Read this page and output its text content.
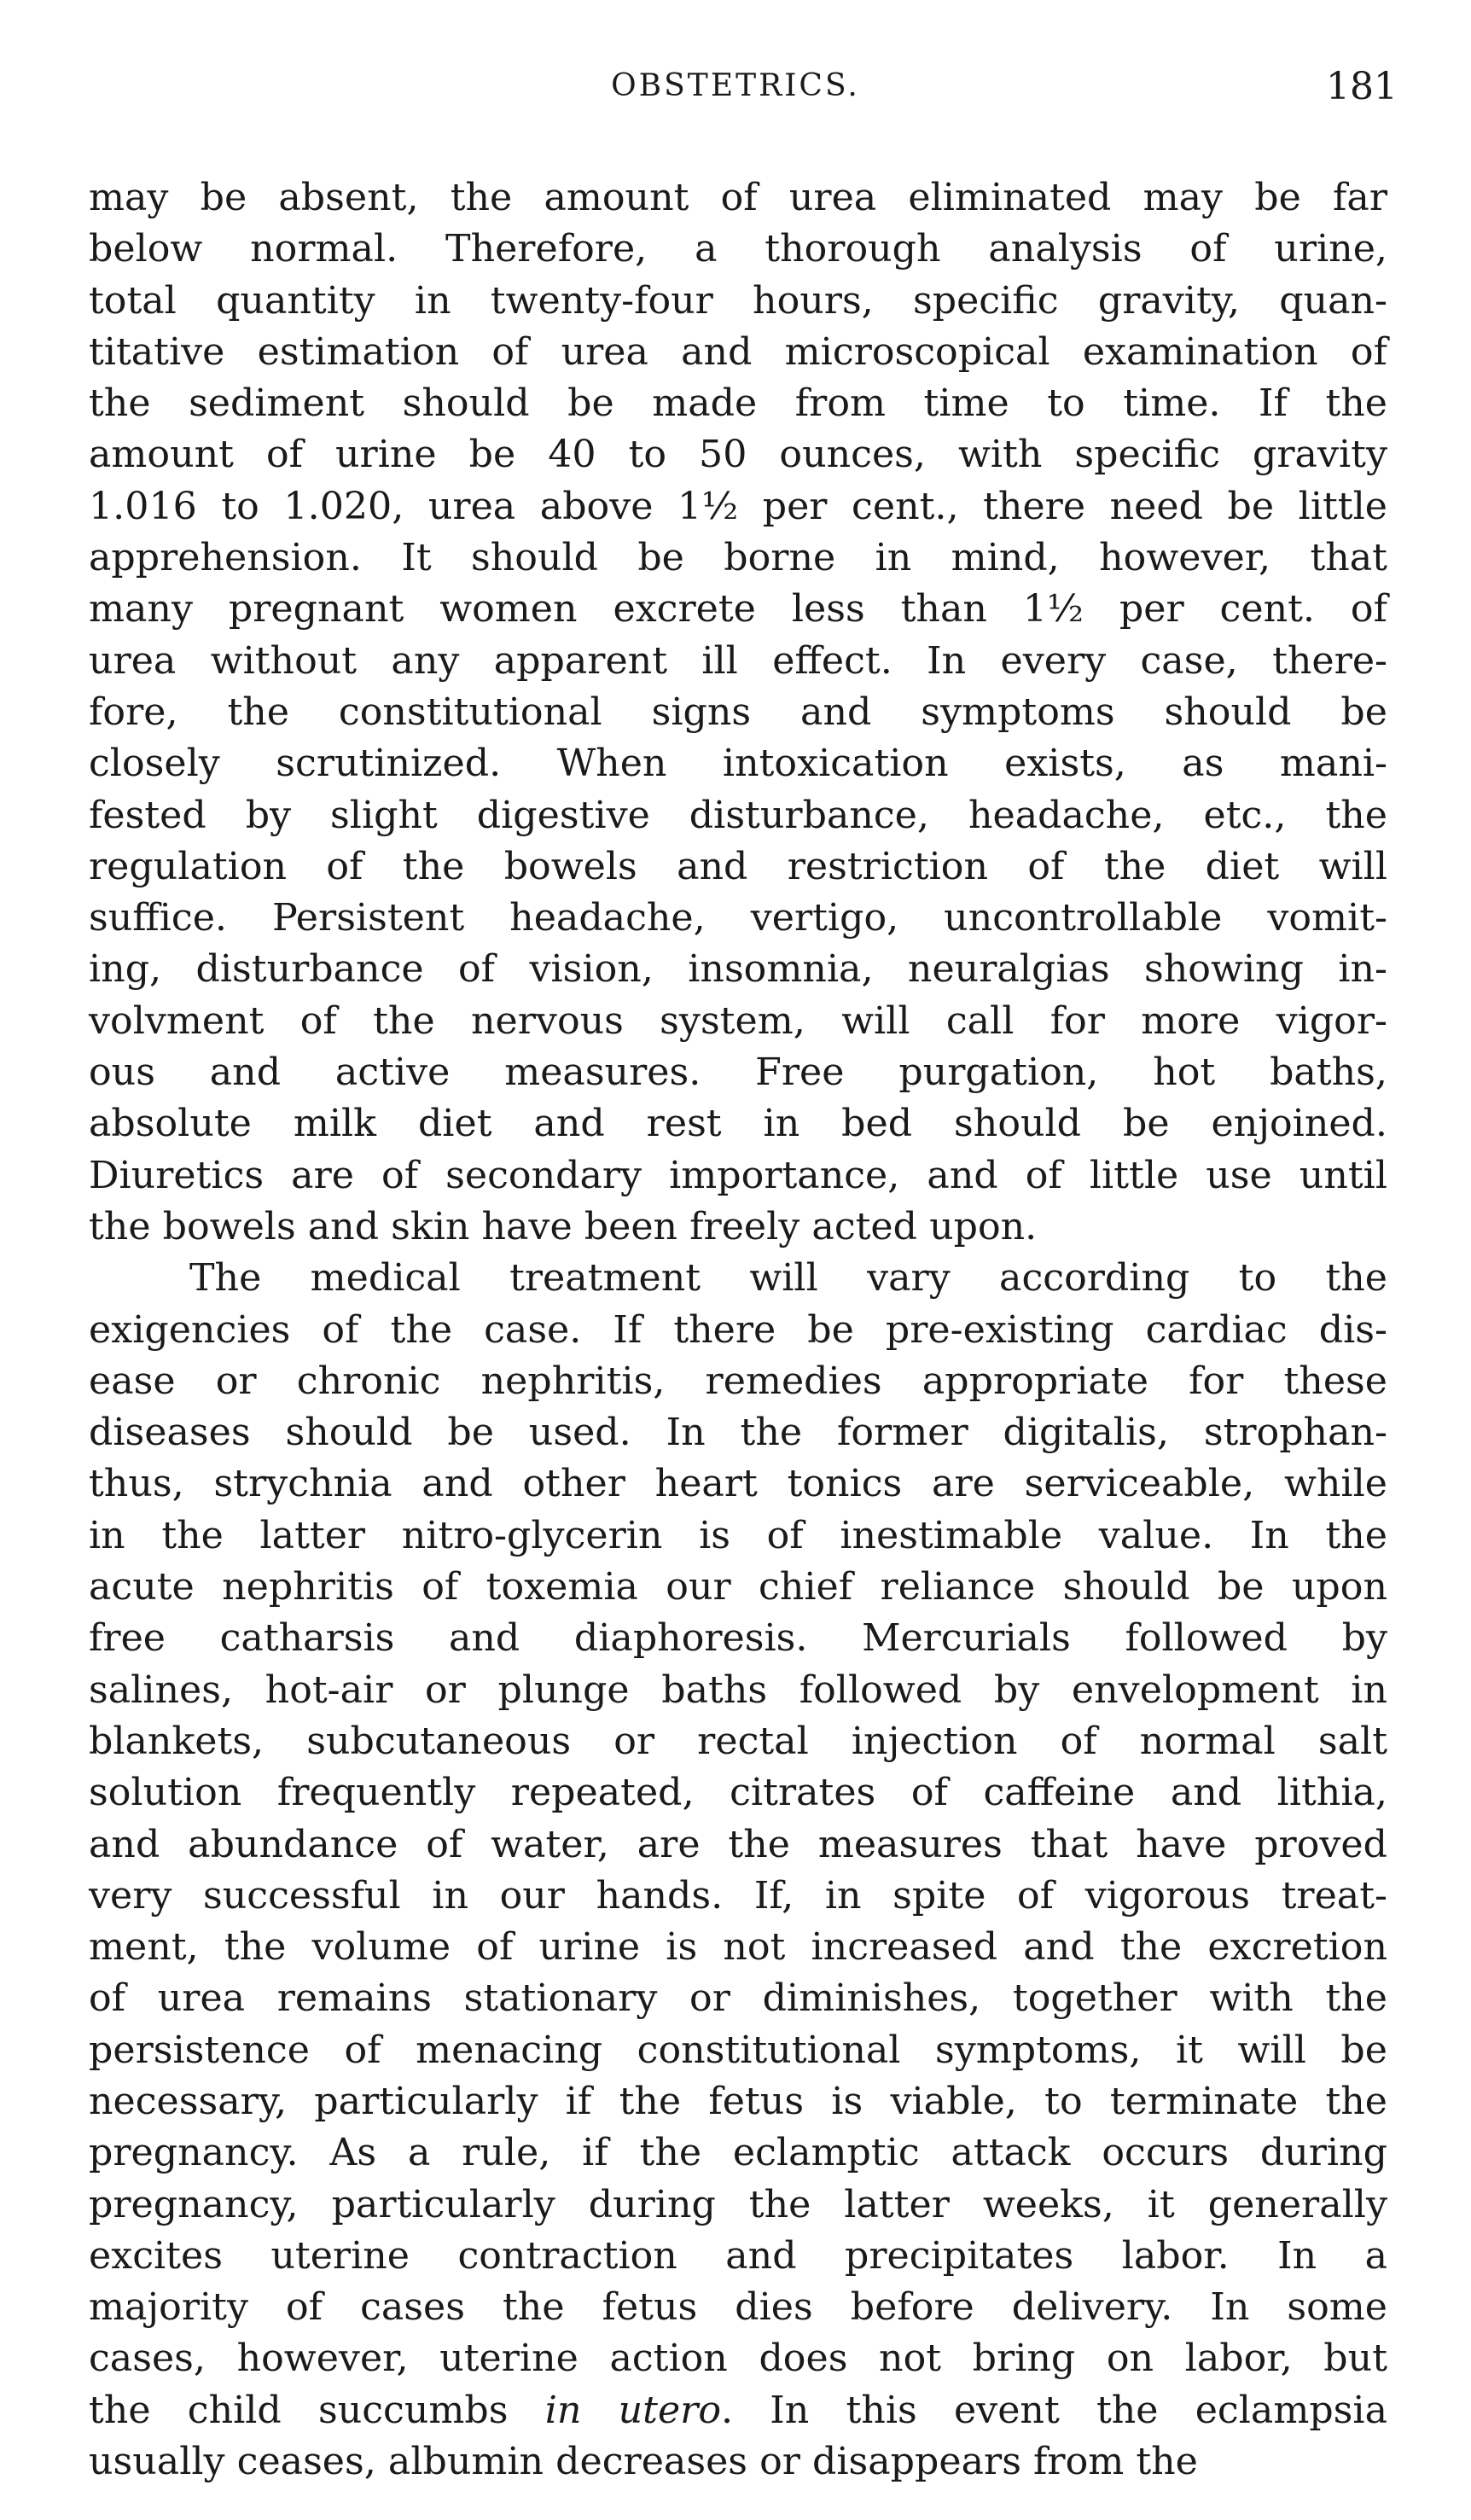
OBSTETRICS.	181
may be absent, the amount of urea eliminated may be far
below normal. Therefore, a thorough analysis of urine,
total quantity in twenty-four hours, specific gravity, quan-
titative estimation of urea and microscopical examination of
the sediment should be made from time to time. If the
amount of urine be 40 to 50 ounces, with specific gravity
1.016 to 1.020, urea above 1½ per cent., there need be little
apprehension. It should be borne in mind, however, that
many pregnant women excrete less than 1½ per cent. of
urea without any apparent ill effect. In every case, there-
fore, the constitutional signs and symptoms should be
closely scrutinized. When intoxication exists, as mani-
fested by slight digestive disturbance, headache, etc., the
regulation of the bowels and restriction of the diet will
suffice. Persistent headache, vertigo, uncontrollable vomit-
ing, disturbance of vision, insomnia, neuralgias showing in-
volvment of the nervous system, will call for more vigor-
ous and active measures. Free purgation, hot baths,
absolute milk diet and rest in bed should be enjoined.
Diuretics are of secondary importance, and of little use until
the bowels and skin have been freely acted upon.
The medical treatment will vary according to the
exigencies of the case. If there be pre-existing cardiac dis-
ease or chronic nephritis, remedies appropriate for these
diseases should be used. In the former digitalis, strophan-
thus, strychnia and other heart tonics are serviceable, while
in the latter nitro-glycerin is of inestimable value. In the
acute nephritis of toxemia our chief reliance should be upon
free catharsis and diaphoresis. Mercurials followed by
salines, hot-air or plunge baths followed by envelopment in
blankets, subcutaneous or rectal injection of normal salt
solution frequently repeated, citrates of caffeine and lithia,
and abundance of water, are the measures that have proved
very successful in our hands. If, in spite of vigorous treat-
ment, the volume of urine is not increased and the excretion
of urea remains stationary or diminishes, together with the
persistence of menacing constitutional symptoms, it will be
necessary, particularly if the fetus is viable, to terminate the
pregnancy. As a rule, if the eclamptic attack occurs during
pregnancy, particularly during the latter weeks, it generally
excites uterine contraction and precipitates labor. In a
majority of cases the fetus dies before delivery. In some
cases, however, uterine action does not bring on labor, but
the child succumbs in utero. In this event the eclampsia
usually ceases, albumin decreases or disappears from the
